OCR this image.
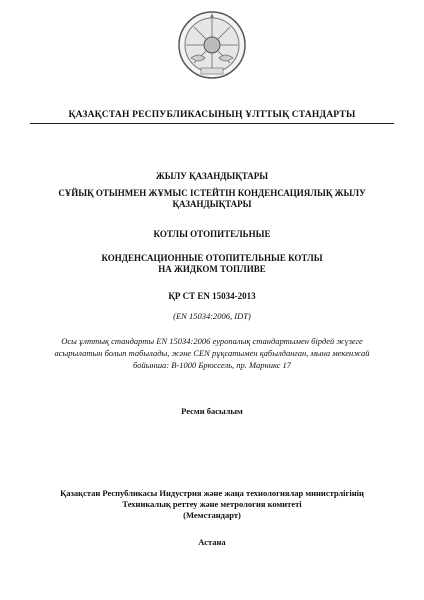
ҚАЗАҚСТАН РЕСПУБЛИКАСЫНЫҢ ҰЛТТЫҚ СТАНДАРТЫ
ЖЫЛУ ҚАЗАНДЫҚТАРЫ
СҰЙЫҚ ОТЫНМЕН ЖҰМЫС ІСТЕЙТІН КОНДЕНСАЦИЯЛЫҚ ЖЫЛУ
ҚАЗАНДЫҚТАРЫ
КОТЛЫ ОТОПИТЕЛЬНЫЕ
КОНДЕНСАЦИОННЫЕ ОТОПИТЕЛЬНЫЕ КОТЛЫ
НА ЖИДКОМ ТОПЛИВЕ
ҚР СТ EN 15034-2013
(EN 15034:2006, IDT)
Осы ұлттық стандарты EN 15034:2006 еуропалық стандартымен бірдей жүзеге
асырылатын болып табылады, және CEN рұқсатымен қабылданған, мына мекенжай
бойынша: B-1000 Брюссель, пр. Марникс 17
Ресми басылым
Қазақстан Республикасы Индустрия және жаңа технологиялар министрлігінің
Техникалық реттеу және метрология комитеті
(Мемстандарт)
Астана
